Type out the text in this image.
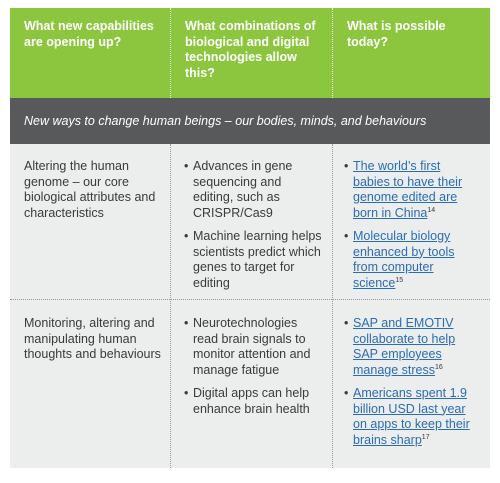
What new capabilities are opening up?
What combinations of biological and digital technologies allow this?
What is possible today?
New ways to change human beings – our bodies, minds, and behaviours
Altering the human genome – our core biological attributes and characteristics
• Advances in gene sequencing and editing, such as CRISPR/Cas9
• Machine learning helps scientists predict which genes to target for editing
• The world’s first babies to have their genome edited are born in China$^{14}$
• Molecular biology enhanced by tools from computer science$^{15}$
Monitoring, altering and manipulating human thoughts and behaviours
• Neurotechnologies read brain signals to monitor attention and manage fatigue
• Digital apps can help enhance brain health
• SAP and EMOTIV collaborate to help SAP employees manage stress$^{16}$
• Americans spent 1.9 billion USD last year on apps to keep their brains sharp$^{17}$
